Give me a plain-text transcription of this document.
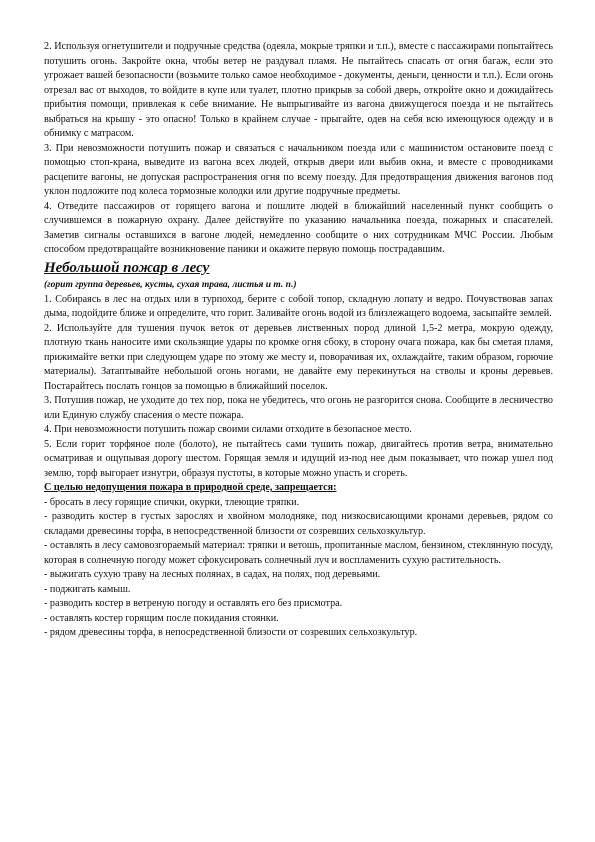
2. Используя огнетушители и подручные средства (одеяла, мокрые тряпки и т.п.), вместе с пассажирами попытайтесь потушить огонь. Закройте окна, чтобы ветер не раздувал пламя. Не пытайтесь спасать от огня багаж, если это угрожает вашей безопасности (возьмите только самое необходимое - документы, деньги, ценности и т.п.). Если огонь отрезал вас от выходов, то войдите в купе или туалет, плотно прикрыв за собой дверь, откройте окно и дожидайтесь прибытия помощи, привлекая к себе внимание. Не выпрыгивайте из вагона движущегося поезда и не пытайтесь выбраться на крышу - это опасно! Только в крайнем случае - прыгайте, одев на себя всю имеющуюся одежду и в обнимку с матрасом.

3. При невозможности потушить пожар и связаться с начальником поезда или с машинистом остановите поезд с помощью стоп-крана, выведите из вагона всех людей, открыв двери или выбив окна, и вместе с проводниками расцепите вагоны, не допуская распространения огня по всему поезду. Для предотвращения движения вагонов под уклон подложите под колеса тормозные колодки или другие подручные предметы.

4. Отведите пассажиров от горящего вагона и пошлите людей в ближайший населенный пункт сообщить о случившемся в пожарную охрану. Далее действуйте по указанию начальника поезда, пожарных и спасателей. Заметив сигналы оставшихся в вагоне людей, немедленно сообщите о них сотрудникам МЧС России. Любым способом предотвращайте возникновение паники и окажите первую помощь пострадавшим.

Небольшой пожар в лесу
(горит группа деревьев, кусты, сухая трава, листья и т. п.)

1. Собираясь в лес на отдых или в турпоход, берите с собой топор, складную лопату и ведро. Почувствовав запах дыма, подойдите ближе и определите, что горит. Заливайте огонь водой из близлежащего водоема, засыпайте землей.

2. Используйте для тушения пучок веток от деревьев лиственных пород длиной 1,5-2 метра, мокрую одежду, плотную ткань наносите ими скользящие удары по кромке огня сбоку, в сторону очага пожара, как бы сметая пламя, прижимайте ветки при следующем ударе по этому же месту и, поворачивая их, охлаждайте, таким образом, горючие материалы). Затаптывайте небольшой огонь ногами, не давайте ему перекинуться на стволы и кроны деревьев. Постарайтесь послать гонцов за помощью в ближайший поселок.

3. Потушив пожар, не уходите до тех пор, пока не убедитесь, что огонь не разгорится снова. Сообщите в лесничество или Единую службу спасения о месте пожара.

4. При невозможности потушить пожар своими силами отходите в безопасное место.

5. Если горит торфяное поле (болото), не пытайтесь сами тушить пожар, двигайтесь против ветра, внимательно осматривая и ощупывая дорогу шестом. Горящая земля и идущий из-под нее дым показывает, что пожар ушел под землю, торф выгорает изнутри, образуя пустоты, в которые можно упасть и сгореть.

С целью недопущения пожара в природной среде, запрещается:

- бросать в лесу горящие спички, окурки, тлеющие тряпки.

- разводить костер в густых зарослях и хвойном молодняке, под низкосвисающими кронами деревьев, рядом со складами древесины торфа, в непосредственной близости от созревших сельхозкультур.

- оставлять в лесу самовозгораемый материал: тряпки и ветошь, пропитанные маслом, бензином, стеклянную посуду, которая в солнечную погоду может сфокусировать солнечный луч и воспламенить сухую растительность.

- выжигать сухую траву на лесных полянах, в садах, на полях, под деревьями.

- поджигать камыш.

- разводить костер в ветреную погоду и оставлять его без присмотра.

- оставлять костер горящим после покидания стоянки.

- рядом древесины торфа, в непосредственной близости от созревших сельхозкультур.
